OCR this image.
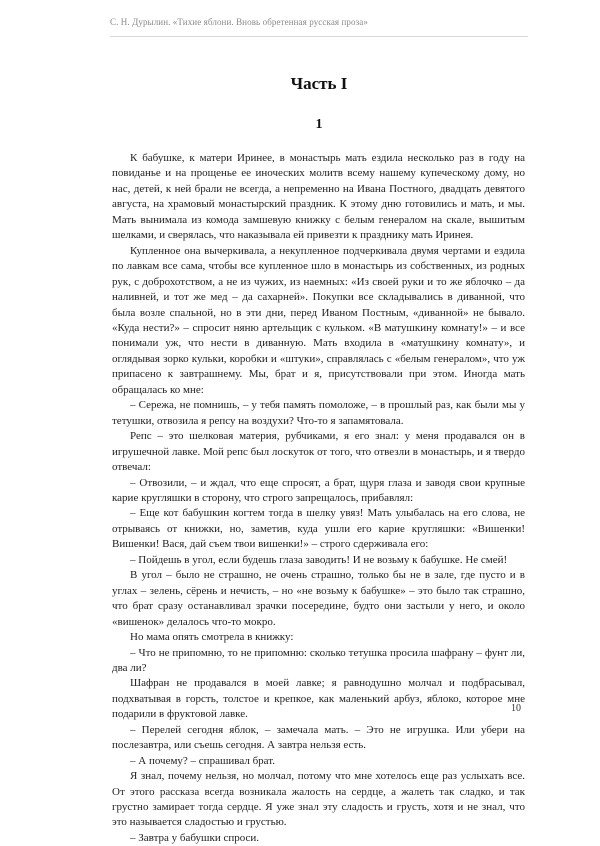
С. Н. Дурылин. «Тихие яблони. Вновь обретенная русская проза»
Часть I
1

К бабушке, к матери Иринее, в монастырь мать ездила несколько раз в году на повиданье и на прощенье ее иноческих молитв всему нашему купеческому дому, но нас, детей, к ней брали не всегда, а непременно на Ивана Постного, двадцать девятого августа, на храмовый монастырский праздник. К этому дню готовились и мать, и мы. Мать вынимала из комода замшевую книжку с белым генералом на скале, вышитым шелками, и сверялась, что наказывала ей привезти к празднику мать Иринея.

Купленное она вычеркивала, а некупленное подчеркивала двумя чертами и ездила по лавкам все сама, чтобы все купленное шло в монастырь из собственных, из родных рук, с доброхотством, а не из чужих, из наемных: «Из своей руки и то же яблочко – да наливней, и тот же мед – да сахарней». Покупки все складывались в диванной, что была возле спальной, но в эти дни, перед Иваном Постным, «диванной» не бывало. «Куда нести?» – спросит няню артельщик с кульком. «В матушкину комнату!» – и все понимали уж, что нести в диванную. Мать входила в «матушкину комнату», и оглядывая зорко кульки, коробки и «штуки», справлялась с «белым генералом», что уж припасено к завтрашнему. Мы, брат и я, присутствовали при этом. Иногда мать обращалась ко мне:

– Сережа, не помнишь, – у тебя память помоложе, – в прошлый раз, как были мы у тетушки, отвозила я репсу на воздухи? Что-то я запамятовала.

Репс – это шелковая материя, рубчиками, я его знал: у меня продавался он в игрушечной лавке. Мой репс был лоскуток от того, что отвезли в монастырь, и я твердо отвечал:

– Отвозили, – и ждал, что еще спросят, а брат, щуря глаза и заводя свои крупные карие кругляшки в сторону, что строго запрещалось, прибавлял:

– Еще кот бабушкин когтем тогда в шелку увяз! Мать улыбалась на его слова, не отрываясь от книжки, но, заметив, куда ушли его карие кругляшки: «Вишенки! Вишенки! Вася, дай съем твои вишенки!» – строго сдерживала его:

– Пойдешь в угол, если будешь глаза заводить! И не возьму к бабушке. Не смей!

В угол – было не страшно, не очень страшно, только бы не в зале, где пусто и в углах – зелень, сёрень и нечисть, – но «не возьму к бабушке» – это было так страшно, что брат сразу останавливал зрачки посередине, будто они застыли у него, и около «вишенок» делалось что-то мокро.

Но мама опять смотрела в книжку:

– Что не припомню, то не припомню: сколько тетушка просила шафрану – фунт ли, два ли?

Шафран не продавался в моей лавке; я равнодушно молчал и подбрасывал, подхватывая в горсть, толстое и крепкое, как маленький арбуз, яблоко, которое мне подарили в фруктовой лавке.

– Перелей сегодня яблок, – замечала мать. – Это не игрушка. Или убери на послезавтра, или съешь сегодня. А завтра нельзя есть.

– А почему? – спрашивал брат.

Я знал, почему нельзя, но молчал, потому что мне хотелось еще раз услыхать все. От этого рассказа всегда возникала жалость на сердце, а жалеть так сладко, и так грустно замирает тогда сердце. Я уже знал эту сладость и грусть, хотя и не знал, что это называется сладостью и грустью.

– Завтра у бабушки спроси.

10
